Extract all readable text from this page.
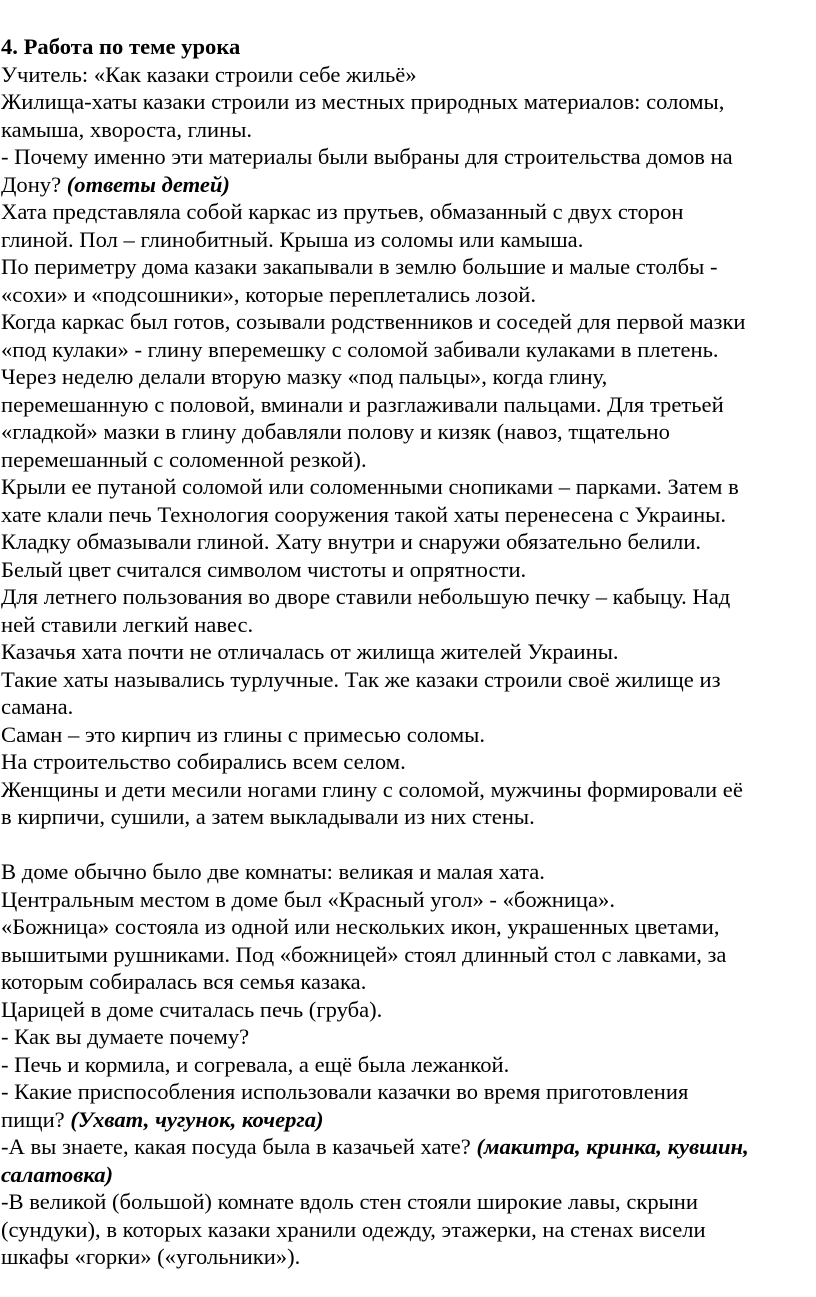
4. Работа по теме урока
Учитель: «Как казаки строили себе жильё»
Жилища-хаты казаки строили из местных природных материалов: соломы,
камыша, хвороста, глины.
- Почему именно эти материалы были выбраны для строительства домов на
Дону? (ответы детей)
Хата представляла собой каркас из прутьев, обмазанный с двух сторон
глиной. Пол – глинобитный. Крыша из соломы или камыша.
По периметру дома казаки закапывали в землю большие и малые столбы -
«сохи» и «подсошники», которые переплетались лозой.
Когда каркас был готов, созывали родственников и соседей для первой мазки
«под кулаки» - глину вперемешку с соломой забивали кулаками в плетень.
Через неделю делали вторую мазку «под пальцы», когда глину,
перемешанную с половой, вминали и разглаживали пальцами. Для третьей
«гладкой» мазки в глину добавляли полову и кизяк (навоз, тщательно
перемешанный с соломенной резкой).
Крыли ее путаной соломой или соломенными снопиками – парками. Затем в
хате клали печь Технология сооружения такой хаты перенесена с Украины.
Кладку обмазывали глиной. Хату внутри и снаружи обязательно белили.
Белый цвет считался символом чистоты и опрятности.
Для летнего пользования во дворе ставили небольшую печку – кабыцу. Над
ней ставили легкий навес.
Казачья хата почти не отличалась от жилища жителей Украины.
Такие хаты назывались турлучные. Так же казаки строили своё жилище из
самана.
Саман – это кирпич из глины с примесью соломы.
На строительство собирались всем селом.
Женщины и дети месили ногами глину с соломой, мужчины формировали её
в кирпичи, сушили, а затем выкладывали из них стены.
В доме обычно было две комнаты: великая и малая хата.
Центральным местом в доме был «Красный угол» - «божница».
«Божница» состояла из одной или нескольких икон, украшенных цветами,
вышитыми рушниками. Под «божницей» стоял длинный стол с лавками, за
которым собиралась вся семья казака.
Царицей в доме считалась печь (груба).
- Как вы думаете почему?
- Печь и кормила, и согревала, а ещё была лежанкой.
- Какие приспособления использовали казачки во время приготовления
пищи? (Ухват, чугунок, кочерга)
-А вы знаете, какая посуда была в казачьей хате? (макитра, кринка, кувшин,
салатовка)
-В великой (большой) комнате вдоль стен стояли широкие лавы, скрыни
(сундуки), в которых казаки хранили одежду, этажерки, на стенах висели
шкафы «горки» («угольники»).
